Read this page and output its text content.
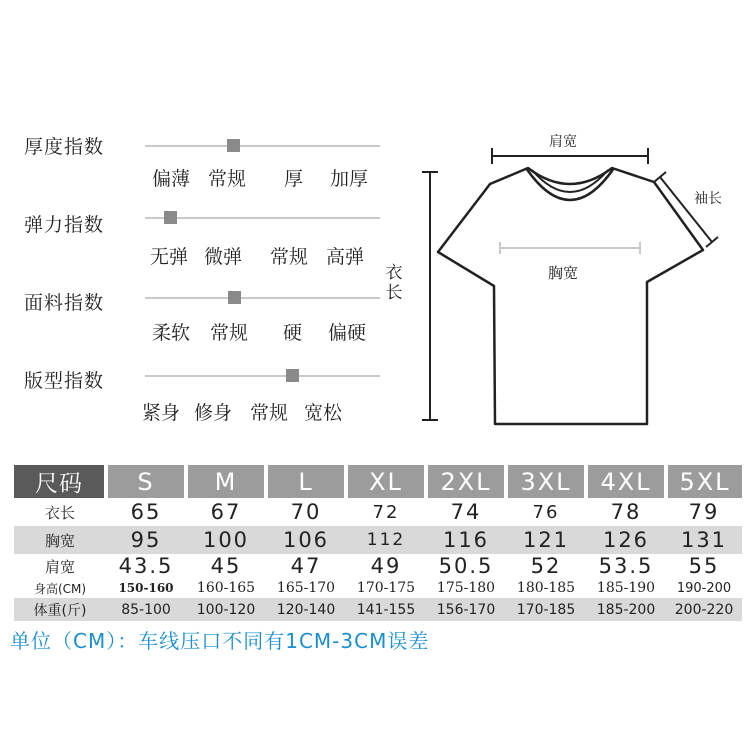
厚度指数
偏薄 常规 厚 加厚
弹力指数
无弹 微弹 常规 高弹
面料指数
柔软 常规 硬 偏硬
版型指数
紧身 修身 常规 宽松
肩宽
袖长
胸宽
衣
长
尺码	S	M	L	XL	2XL	3XL	4XL	5XL
衣长	65	67	70	72	74	76	78	79
胸宽	95	100	106	112	116	121	126	131
肩宽	43.5	45	47	49	50.5	52	53.5	55
身高(CM)	150-160	160-165	165-170	170-175	175-180	180-185	185-190	190-200
体重(斤)	85-100	100-120	120-140	141-155	156-170	170-185	185-200	200-220
单位（CM）：车线压口不同有1CM-3CM误差
